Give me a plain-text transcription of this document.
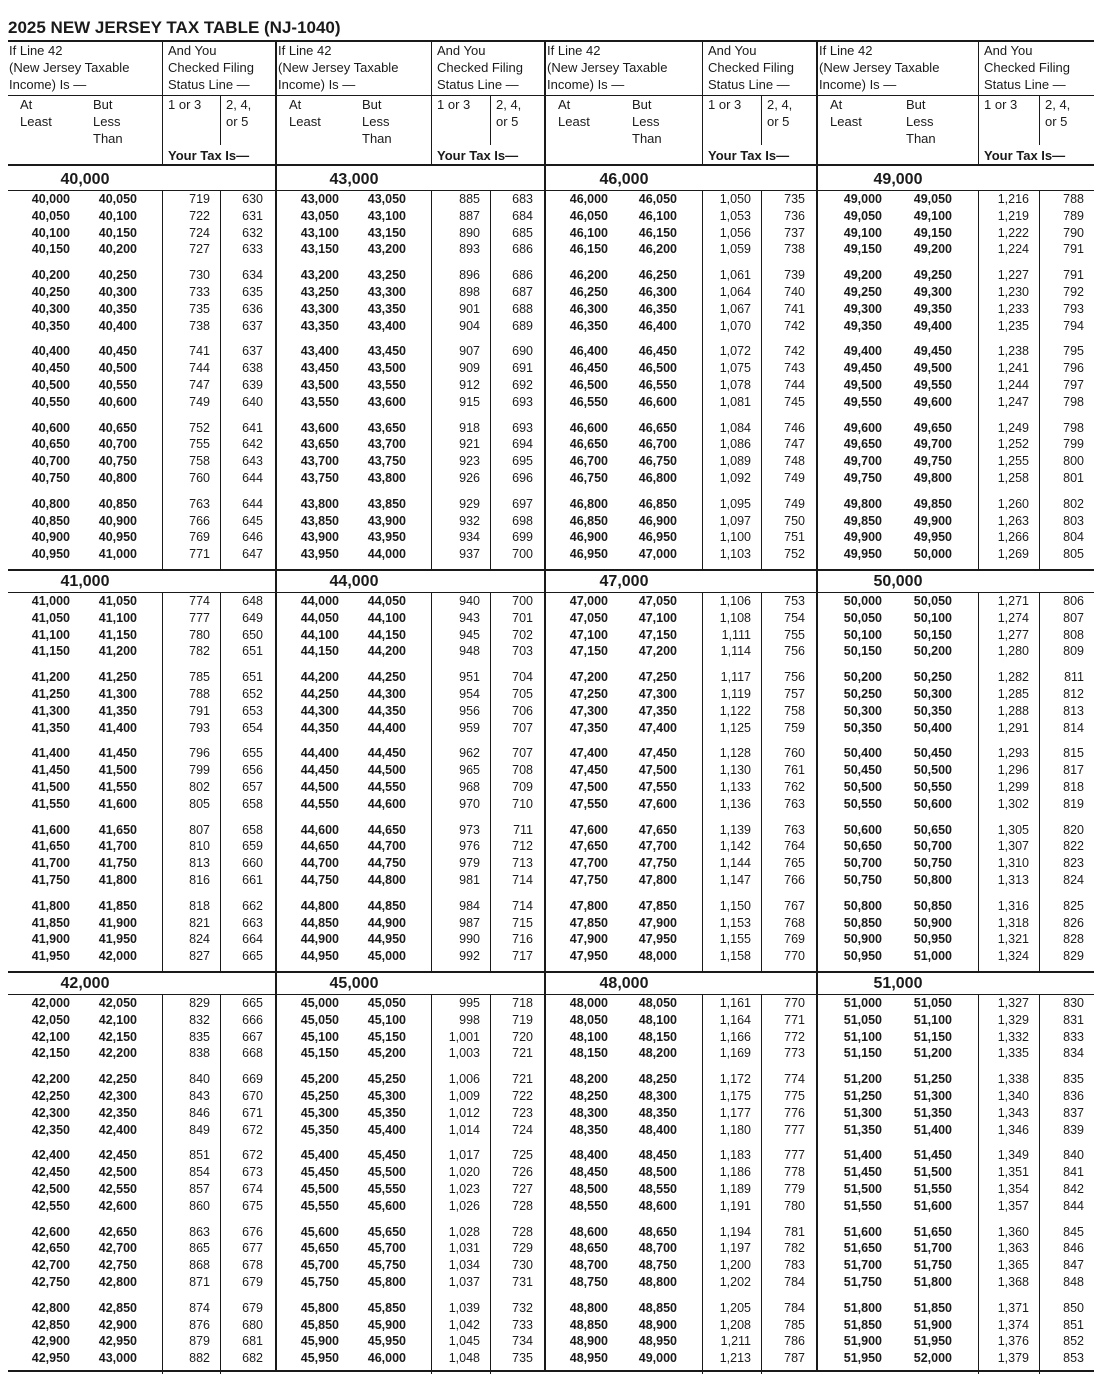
2025 NEW JERSEY TAX TABLE (NJ-1040)
If Line 42
(New Jersey Taxable
Income) Is —
And You
Checked Filing
Status Line —
At
Least
But
Less
Than
1 or 3 2, 4,
or 5
Your Tax Is—
If Line 42
(New Jersey Taxable
Income) Is —
And You
Checked Filing
Status Line —
At
Least
But
Less
Than
1 or 3 2, 4,
or 5
Your Tax Is—
If Line 42
(New Jersey Taxable
Income) Is —
And You
Checked Filing
Status Line —
At
Least
But
Less
Than
1 or 3 2, 4,
or 5
Your Tax Is—
If Line 42
(New Jersey Taxable
Income) Is —
And You
Checked Filing
Status Line —
At
Least
But
Less
Than
1 or 3 2, 4,
or 5
Your Tax Is—
40,000
40,000	40,050	719	630
40,050	40,100	722	631
40,100	40,150	724	632
40,150	40,200	727	633
40,200	40,250	730	634
40,250	40,300	733	635
40,300	40,350	735	636
40,350	40,400	738	637
40,400	40,450	741	637
40,450	40,500	744	638
40,500	40,550	747	639
40,550	40,600	749	640
40,600	40,650	752	641
40,650	40,700	755	642
40,700	40,750	758	643
40,750	40,800	760	644
40,800	40,850	763	644
40,850	40,900	766	645
40,900	40,950	769	646
40,950	41,000	771	647
43,000
43,000	43,050	885	683
43,050	43,100	887	684
43,100	43,150	890	685
43,150	43,200	893	686
43,200	43,250	896	686
43,250	43,300	898	687
43,300	43,350	901	688
43,350	43,400	904	689
43,400	43,450	907	690
43,450	43,500	909	691
43,500	43,550	912	692
43,550	43,600	915	693
43,600	43,650	918	693
43,650	43,700	921	694
43,700	43,750	923	695
43,750	43,800	926	696
43,800	43,850	929	697
43,850	43,900	932	698
43,900	43,950	934	699
43,950	44,000	937	700
46,000
46,000	46,050	1,050	735
46,050	46,100	1,053	736
46,100	46,150	1,056	737
46,150	46,200	1,059	738
46,200	46,250	1,061	739
46,250	46,300	1,064	740
46,300	46,350	1,067	741
46,350	46,400	1,070	742
46,400	46,450	1,072	742
46,450	46,500	1,075	743
46,500	46,550	1,078	744
46,550	46,600	1,081	745
46,600	46,650	1,084	746
46,650	46,700	1,086	747
46,700	46,750	1,089	748
46,750	46,800	1,092	749
46,800	46,850	1,095	749
46,850	46,900	1,097	750
46,900	46,950	1,100	751
46,950	47,000	1,103	752
49,000
49,000	49,050	1,216	788
49,050	49,100	1,219	789
49,100	49,150	1,222	790
49,150	49,200	1,224	791
49,200	49,250	1,227	791
49,250	49,300	1,230	792
49,300	49,350	1,233	793
49,350	49,400	1,235	794
49,400	49,450	1,238	795
49,450	49,500	1,241	796
49,500	49,550	1,244	797
49,550	49,600	1,247	798
49,600	49,650	1,249	798
49,650	49,700	1,252	799
49,700	49,750	1,255	800
49,750	49,800	1,258	801
49,800	49,850	1,260	802
49,850	49,900	1,263	803
49,900	49,950	1,266	804
49,950	50,000	1,269	805
41,000
41,000	41,050	774	648
41,050	41,100	777	649
41,100	41,150	780	650
41,150	41,200	782	651
41,200	41,250	785	651
41,250	41,300	788	652
41,300	41,350	791	653
41,350	41,400	793	654
41,400	41,450	796	655
41,450	41,500	799	656
41,500	41,550	802	657
41,550	41,600	805	658
41,600	41,650	807	658
41,650	41,700	810	659
41,700	41,750	813	660
41,750	41,800	816	661
41,800	41,850	818	662
41,850	41,900	821	663
41,900	41,950	824	664
41,950	42,000	827	665
44,000
44,000	44,050	940	700
44,050	44,100	943	701
44,100	44,150	945	702
44,150	44,200	948	703
44,200	44,250	951	704
44,250	44,300	954	705
44,300	44,350	956	706
44,350	44,400	959	707
44,400	44,450	962	707
44,450	44,500	965	708
44,500	44,550	968	709
44,550	44,600	970	710
44,600	44,650	973	711
44,650	44,700	976	712
44,700	44,750	979	713
44,750	44,800	981	714
44,800	44,850	984	714
44,850	44,900	987	715
44,900	44,950	990	716
44,950	45,000	992	717
47,000
47,000	47,050	1,106	753
47,050	47,100	1,108	754
47,100	47,150	1,111	755
47,150	47,200	1,114	756
47,200	47,250	1,117	756
47,250	47,300	1,119	757
47,300	47,350	1,122	758
47,350	47,400	1,125	759
47,400	47,450	1,128	760
47,450	47,500	1,130	761
47,500	47,550	1,133	762
47,550	47,600	1,136	763
47,600	47,650	1,139	763
47,650	47,700	1,142	764
47,700	47,750	1,144	765
47,750	47,800	1,147	766
47,800	47,850	1,150	767
47,850	47,900	1,153	768
47,900	47,950	1,155	769
47,950	48,000	1,158	770
50,000
50,000	50,050	1,271	806
50,050	50,100	1,274	807
50,100	50,150	1,277	808
50,150	50,200	1,280	809
50,200	50,250	1,282	811
50,250	50,300	1,285	812
50,300	50,350	1,288	813
50,350	50,400	1,291	814
50,400	50,450	1,293	815
50,450	50,500	1,296	817
50,500	50,550	1,299	818
50,550	50,600	1,302	819
50,600	50,650	1,305	820
50,650	50,700	1,307	822
50,700	50,750	1,310	823
50,750	50,800	1,313	824
50,800	50,850	1,316	825
50,850	50,900	1,318	826
50,900	50,950	1,321	828
50,950	51,000	1,324	829
42,000
42,000	42,050	829	665
42,050	42,100	832	666
42,100	42,150	835	667
42,150	42,200	838	668
42,200	42,250	840	669
42,250	42,300	843	670
42,300	42,350	846	671
42,350	42,400	849	672
42,400	42,450	851	672
42,450	42,500	854	673
42,500	42,550	857	674
42,550	42,600	860	675
42,600	42,650	863	676
42,650	42,700	865	677
42,700	42,750	868	678
42,750	42,800	871	679
42,800	42,850	874	679
42,850	42,900	876	680
42,900	42,950	879	681
42,950	43,000	882	682
45,000
45,000	45,050	995	718
45,050	45,100	998	719
45,100	45,150	1,001	720
45,150	45,200	1,003	721
45,200	45,250	1,006	721
45,250	45,300	1,009	722
45,300	45,350	1,012	723
45,350	45,400	1,014	724
45,400	45,450	1,017	725
45,450	45,500	1,020	726
45,500	45,550	1,023	727
45,550	45,600	1,026	728
45,600	45,650	1,028	728
45,650	45,700	1,031	729
45,700	45,750	1,034	730
45,750	45,800	1,037	731
45,800	45,850	1,039	732
45,850	45,900	1,042	733
45,900	45,950	1,045	734
45,950	46,000	1,048	735
48,000
48,000	48,050	1,161	770
48,050	48,100	1,164	771
48,100	48,150	1,166	772
48,150	48,200	1,169	773
48,200	48,250	1,172	774
48,250	48,300	1,175	775
48,300	48,350	1,177	776
48,350	48,400	1,180	777
48,400	48,450	1,183	777
48,450	48,500	1,186	778
48,500	48,550	1,189	779
48,550	48,600	1,191	780
48,600	48,650	1,194	781
48,650	48,700	1,197	782
48,700	48,750	1,200	783
48,750	48,800	1,202	784
48,800	48,850	1,205	784
48,850	48,900	1,208	785
48,900	48,950	1,211	786
48,950	49,000	1,213	787
51,000
51,000	51,050	1,327	830
51,050	51,100	1,329	831
51,100	51,150	1,332	833
51,150	51,200	1,335	834
51,200	51,250	1,338	835
51,250	51,300	1,340	836
51,300	51,350	1,343	837
51,350	51,400	1,346	839
51,400	51,450	1,349	840
51,450	51,500	1,351	841
51,500	51,550	1,354	842
51,550	51,600	1,357	844
51,600	51,650	1,360	845
51,650	51,700	1,363	846
51,700	51,750	1,365	847
51,750	51,800	1,368	848
51,800	51,850	1,371	850
51,850	51,900	1,374	851
51,900	51,950	1,376	852
51,950	52,000	1,379	853
